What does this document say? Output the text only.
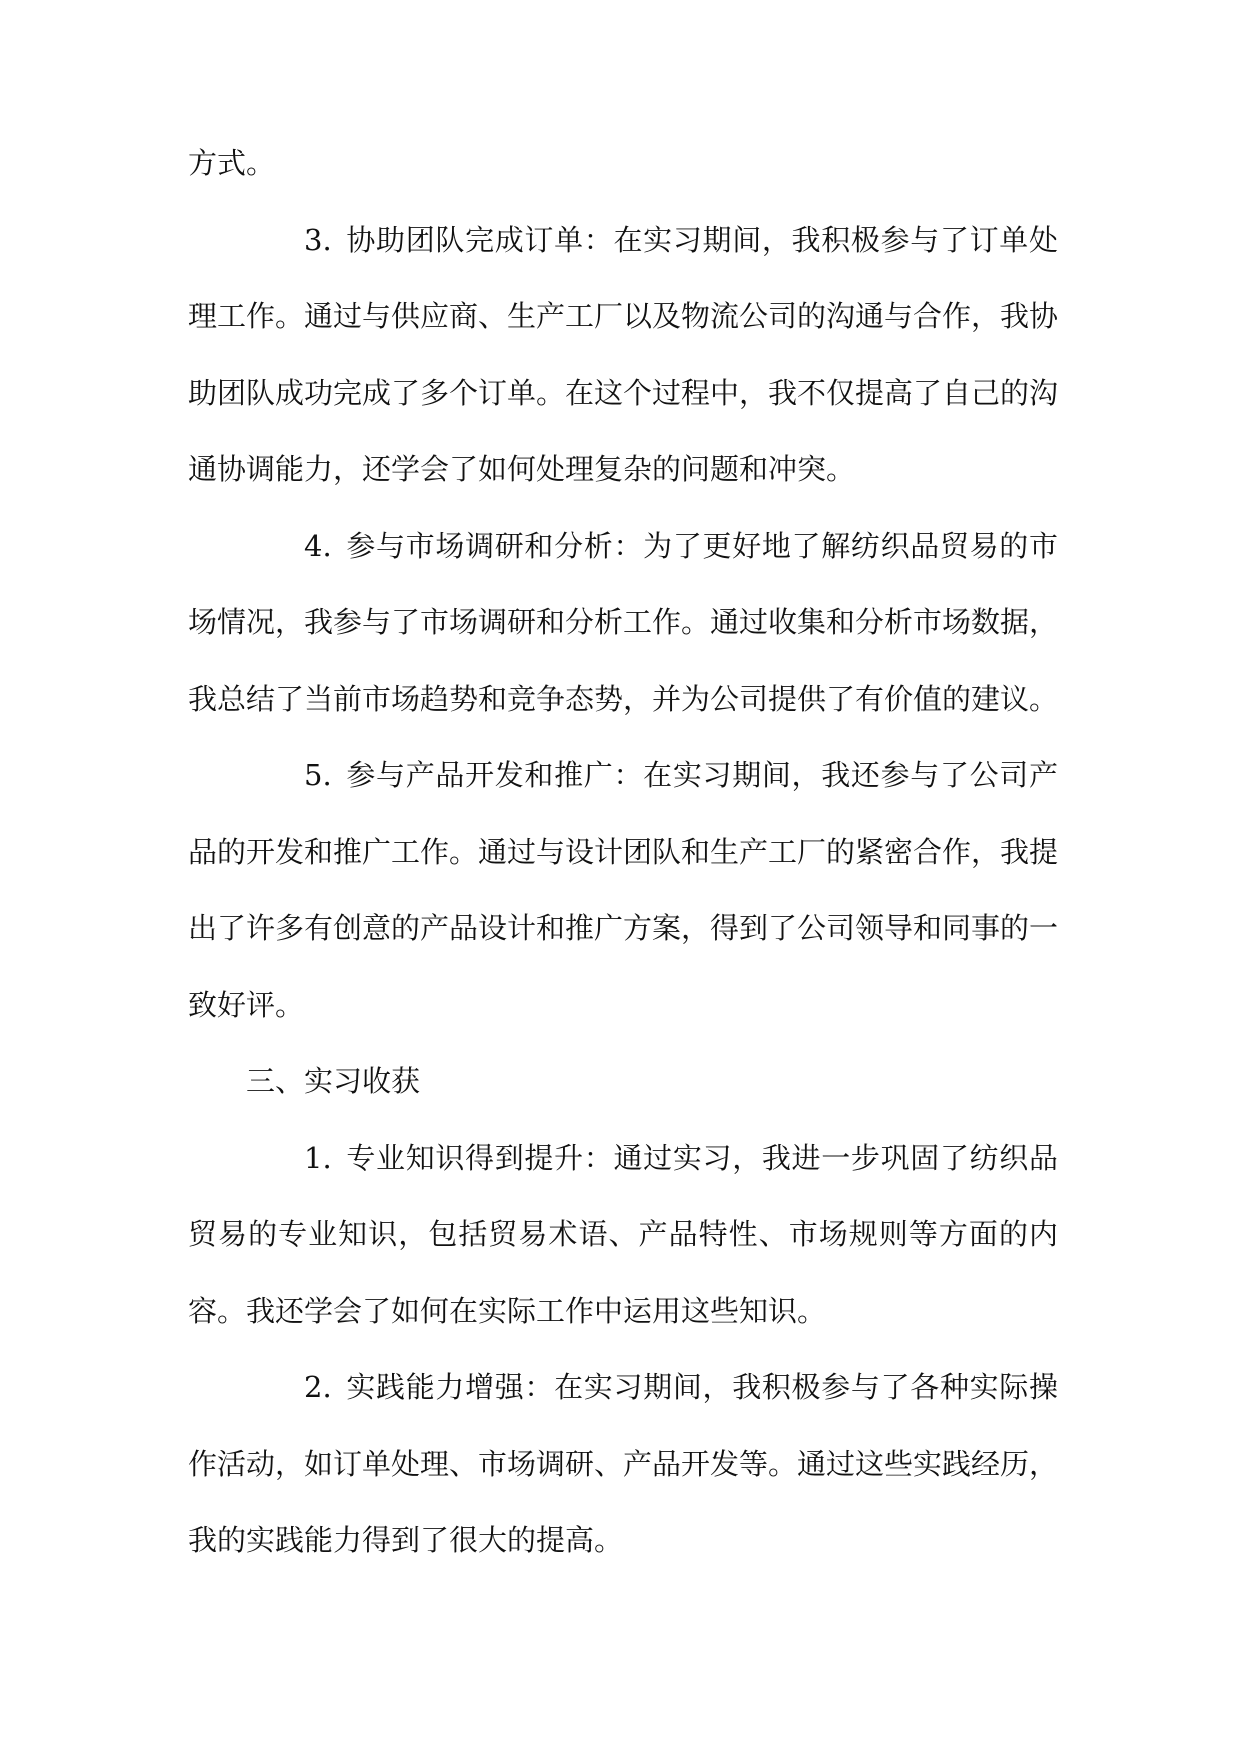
方式。

3. 协助团队完成订单：在实习期间，我积极参与了订单处理工作。通过与供应商、生产工厂以及物流公司的沟通与合作，我协助团队成功完成了多个订单。在这个过程中，我不仅提高了自己的沟通协调能力，还学会了如何处理复杂的问题和冲突。

4. 参与市场调研和分析：为了更好地了解纺织品贸易的市场情况，我参与了市场调研和分析工作。通过收集和分析市场数据，我总结了当前市场趋势和竞争态势，并为公司提供了有价值的建议。

5. 参与产品开发和推广：在实习期间，我还参与了公司产品的开发和推广工作。通过与设计团队和生产工厂的紧密合作，我提出了许多有创意的产品设计和推广方案，得到了公司领导和同事的一致好评。

三、实习收获

1. 专业知识得到提升：通过实习，我进一步巩固了纺织品贸易的专业知识，包括贸易术语、产品特性、市场规则等方面的内容。我还学会了如何在实际工作中运用这些知识。

2. 实践能力增强：在实习期间，我积极参与了各种实际操作活动，如订单处理、市场调研、产品开发等。通过这些实践经历，我的实践能力得到了很大的提高。
